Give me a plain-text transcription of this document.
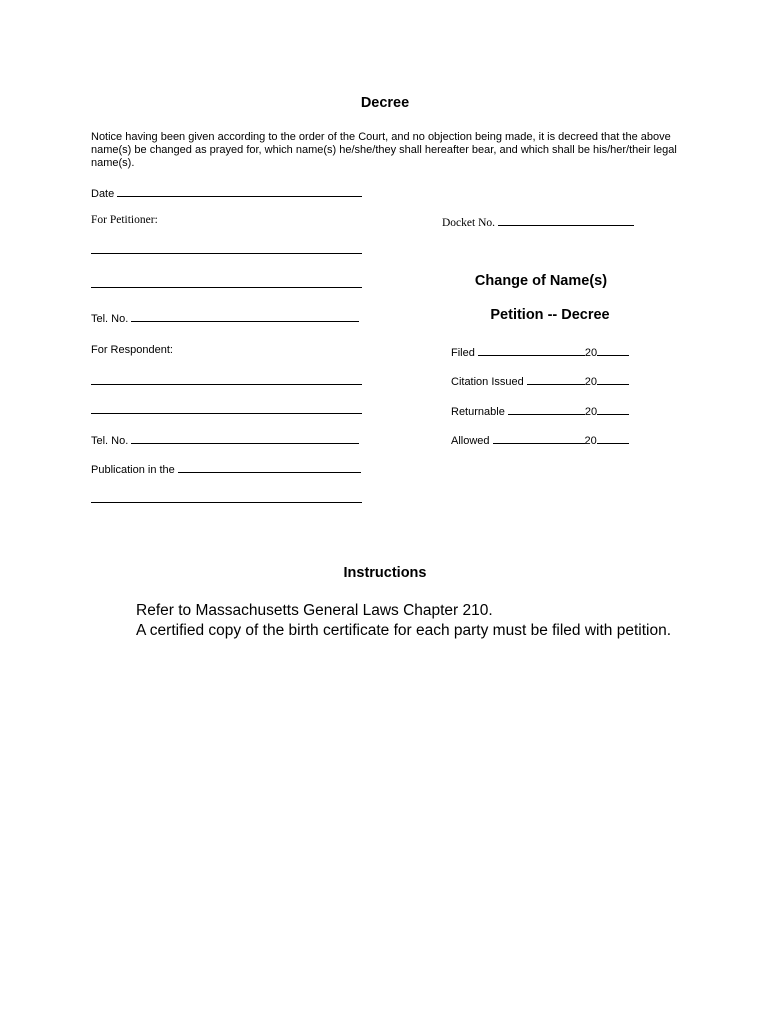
Decree
Notice having been given according to the order of the Court, and no objection being made, it is decreed that the above name(s) be changed as prayed for, which name(s) he/she/they shall hereafter bear, and which shall be his/her/their legal name(s).
Date
For Petitioner:
Tel. No.
For Respondent:
Tel. No.
Publication in the
Docket No.
Change of Name(s)
Petition -- Decree
Filed	20
Citation Issued	20
Returnable	20
Allowed	20
Instructions
Refer to Massachusetts General Laws Chapter 210.
A certified copy of the birth certificate for each party must be filed with petition.
